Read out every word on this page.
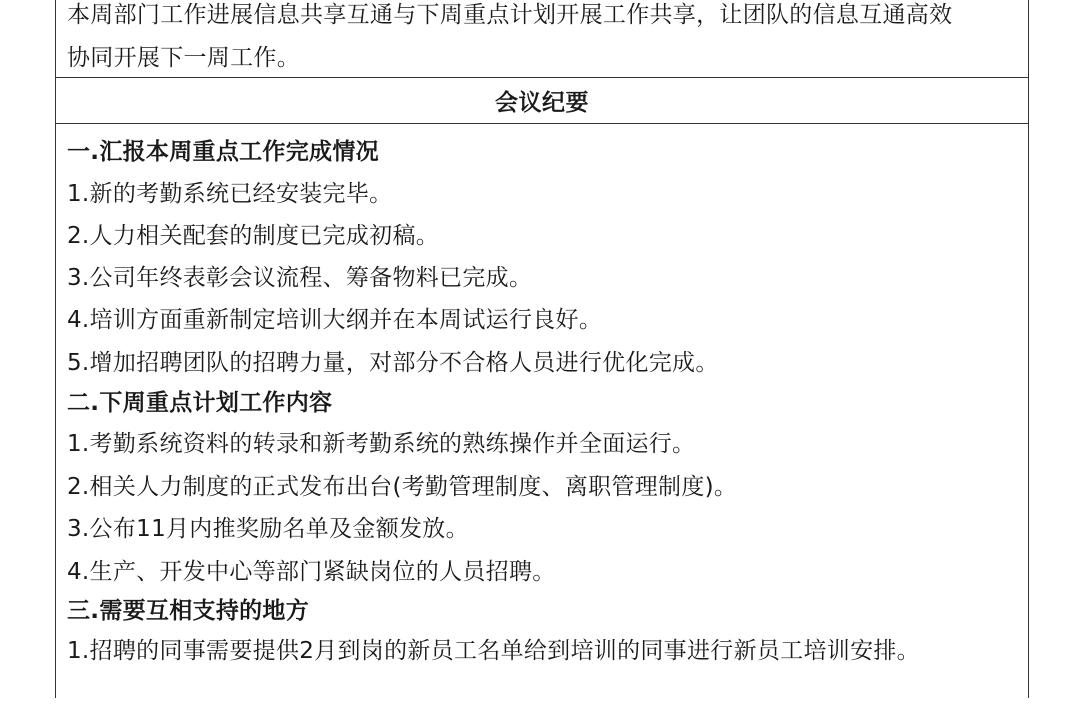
本周部门工作进展信息共享互通与下周重点计划开展工作共享，让团队的信息互通高效
协同开展下一周工作。
会议纪要
一.汇报本周重点工作完成情况
1.新的考勤系统已经安装完毕。
2.人力相关配套的制度已完成初稿。
3.公司年终表彰会议流程、筹备物料已完成。
4.培训方面重新制定培训大纲并在本周试运行良好。
5.增加招聘团队的招聘力量，对部分不合格人员进行优化完成。
二.下周重点计划工作内容
1.考勤系统资料的转录和新考勤系统的熟练操作并全面运行。
2.相关人力制度的正式发布出台(考勤管理制度、离职管理制度)。
3.公布11月内推奖励名单及金额发放。
4.生产、开发中心等部门紧缺岗位的人员招聘。
三.需要互相支持的地方
1.招聘的同事需要提供2月到岗的新员工名单给到培训的同事进行新员工培训安排。
